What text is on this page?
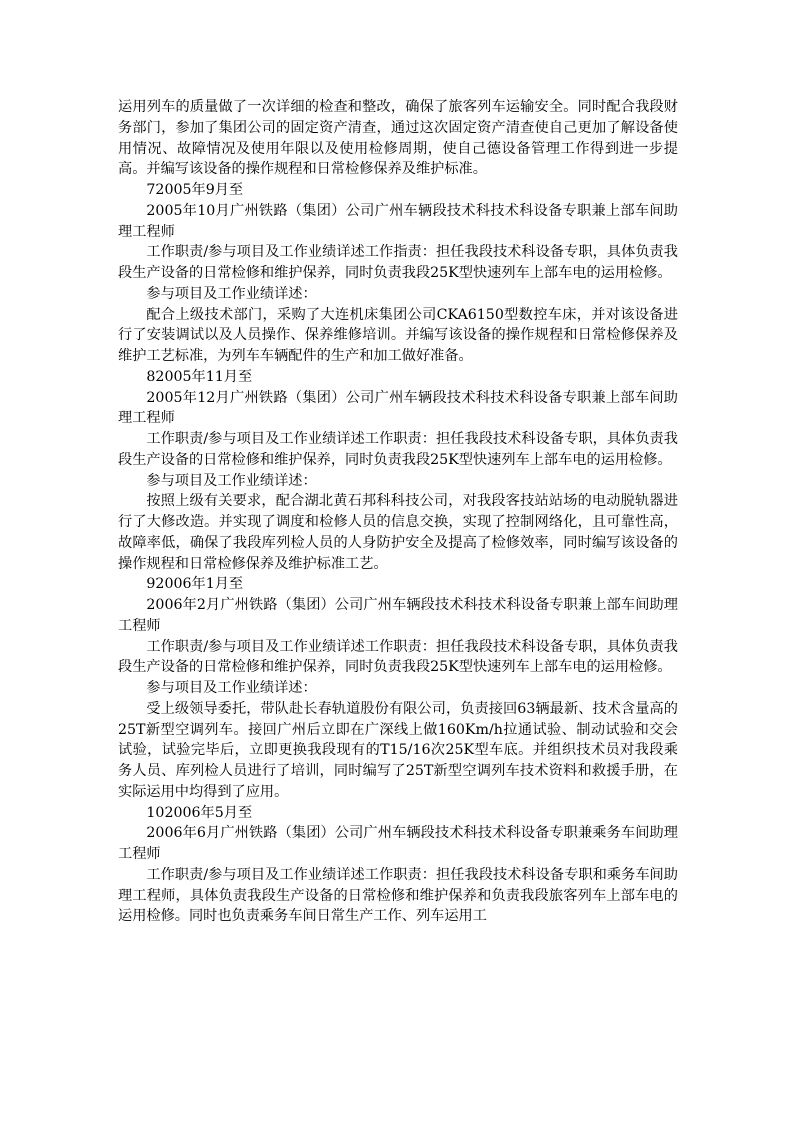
运用列车的质量做了一次详细的检查和整改，确保了旅客列车运输安全。同时配合我段财务部门，参加了集团公司的固定资产清查，通过这次固定资产清查使自己更加了解设备使用情况、故障情况及使用年限以及使用检修周期，使自己德设备管理工作得到进一步提高。并编写该设备的操作规程和日常检修保养及维护标准。

72005年9月至

2005年10月广州铁路（集团）公司广州车辆段技术科技术科设备专职兼上部车间助理工程师

工作职责/参与项目及工作业绩详述工作指责：担任我段技术科设备专职，具体负责我段生产设备的日常检修和维护保养，同时负责我段25K型快速列车上部车电的运用检修。

参与项目及工作业绩详述：

配合上级技术部门，采购了大连机床集团公司CKA6150型数控车床，并对该设备进行了安装调试以及人员操作、保养维修培训。并编写该设备的操作规程和日常检修保养及维护工艺标准，为列车车辆配件的生产和加工做好准备。

82005年11月至

2005年12月广州铁路（集团）公司广州车辆段技术科技术科设备专职兼上部车间助理工程师

工作职责/参与项目及工作业绩详述工作职责：担任我段技术科设备专职，具体负责我段生产设备的日常检修和维护保养，同时负责我段25K型快速列车上部车电的运用检修。

参与项目及工作业绩详述：

按照上级有关要求，配合湖北黄石邦科科技公司，对我段客技站站场的电动脱轨器进行了大修改造。并实现了调度和检修人员的信息交换，实现了控制网络化，且可靠性高，故障率低，确保了我段库列检人员的人身防护安全及提高了检修效率，同时编写该设备的操作规程和日常检修保养及维护标准工艺。

92006年1月至

2006年2月广州铁路（集团）公司广州车辆段技术科技术科设备专职兼上部车间助理工程师

工作职责/参与项目及工作业绩详述工作职责：担任我段技术科设备专职，具体负责我段生产设备的日常检修和维护保养，同时负责我段25K型快速列车上部车电的运用检修。

参与项目及工作业绩详述：

受上级领导委托，带队赴长春轨道股份有限公司，负责接回63辆最新、技术含量高的25T新型空调列车。接回广州后立即在广深线上做160Km/h拉通试验、制动试验和交会试验，试验完毕后，立即更换我段现有的T15/16次25K型车底。并组织技术员对我段乘务人员、库列检人员进行了培训，同时编写了25T新型空调列车技术资料和救援手册，在实际运用中均得到了应用。

102006年5月至

2006年6月广州铁路（集团）公司广州车辆段技术科技术科设备专职兼乘务车间助理工程师

工作职责/参与项目及工作业绩详述工作职责：担任我段技术科设备专职和乘务车间助理工程师，具体负责我段生产设备的日常检修和维护保养和负责我段旅客列车上部车电的运用检修。同时也负责乘务车间日常生产工作、列车运用工
